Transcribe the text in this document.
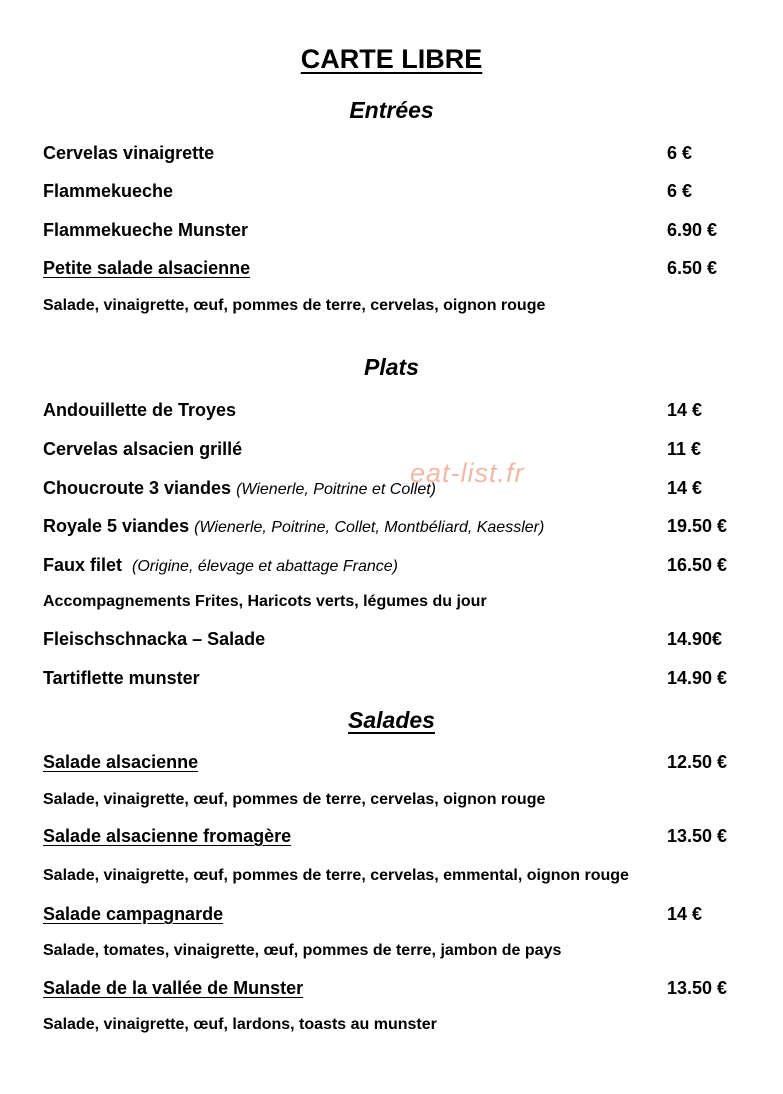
CARTE LIBRE
Entrées
Cervelas vinaigrette	6 €
Flammekueche	6 €
Flammekueche Munster	6.90 €
Petite salade alsacienne	6.50 €
Salade, vinaigrette, œuf, pommes de terre, cervelas, oignon rouge
Plats
Andouillette de Troyes	14 €
Cervelas alsacien grillé	11 €
Choucroute 3 viandes (Wienerle, Poitrine et Collet)	14 €
Royale 5 viandes (Wienerle, Poitrine, Collet, Montbéliard, Kaessler)	19.50 €
Faux filet (Origine, élevage et abattage France)	16.50 €
Accompagnements Frites, Haricots verts, légumes du jour
Fleischschnacka – Salade	14.90€
Tartiflette munster	14.90 €
Salades
Salade alsacienne	12.50 €
Salade, vinaigrette, œuf, pommes de terre, cervelas, oignon rouge
Salade alsacienne fromagère	13.50 €
Salade, vinaigrette, œuf, pommes de terre, cervelas, emmental, oignon rouge
Salade campagnarde	14 €
Salade, tomates, vinaigrette, œuf, pommes de terre, jambon de pays
Salade de la vallée de Munster	13.50 €
Salade, vinaigrette, œuf, lardons, toasts au munster
eat-list.fr
